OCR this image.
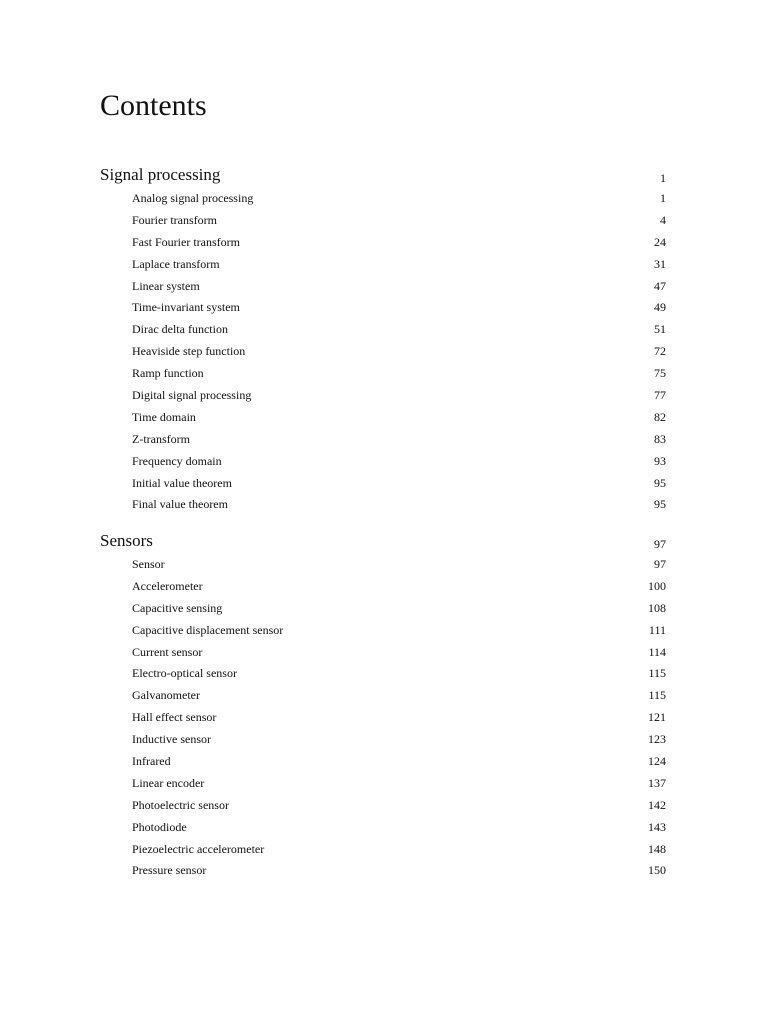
Contents
Signal processing	1
Analog signal processing	1
Fourier transform	4
Fast Fourier transform	24
Laplace transform	31
Linear system	47
Time-invariant system	49
Dirac delta function	51
Heaviside step function	72
Ramp function	75
Digital signal processing	77
Time domain	82
Z-transform	83
Frequency domain	93
Initial value theorem	95
Final value theorem	95
Sensors	97
Sensor	97
Accelerometer	100
Capacitive sensing	108
Capacitive displacement sensor	111
Current sensor	114
Electro-optical sensor	115
Galvanometer	115
Hall effect sensor	121
Inductive sensor	123
Infrared	124
Linear encoder	137
Photoelectric sensor	142
Photodiode	143
Piezoelectric accelerometer	148
Pressure sensor	150
